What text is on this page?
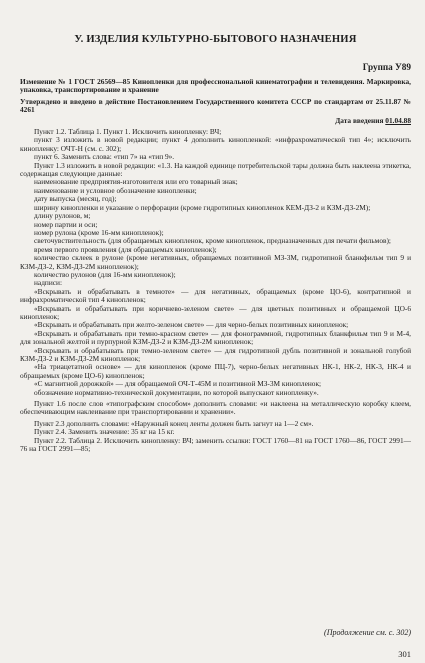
У. ИЗДЕЛИЯ КУЛЬТУРНО-БЫТОВОГО НАЗНАЧЕНИЯ
Группа У89

Изменение № 1 ГОСТ 26569—85 Кинопленки для профессиональной кинематографии и телевидения. Маркировка, упаковка, транспортирование и хранение

Утверждено и введено в действие Постановлением Государственного комитета СССР по стандартам от 25.11.87 № 4261

Дата введения 01.04.88

Пункт 1.2. Таблица 1. Пункт 1. Исключить кинопленку: ВЧ;

пункт 3 изложить в новой редакции; пункт 4 дополнить кинопленкой: «инфрахроматической тип 4»; исключить кинопленку: ОЧТ-Н (см. с. 302);

пункт 6. Заменить слова: «тип 7» на «тип 9».

Пункт 1.3 изложить в новой редакции: «1.3. На каждой единице потребительской тары должна быть наклеена этикетка, содержащая следующие данные:

наименование предприятия-изготовителя или его товарный знак;

наименование и условное обозначение кинопленки;

дату выпуска (месяц, год);

ширину кинопленки и указание о перфорации (кроме гидротипных кинопленок КЕМ-ДЗ-2 и КЗМ-ДЗ-2М);

длину рулонов, м;

номер партии и оси;

номер рулона (кроме 16-мм кинопленок);

светочувствительность (для обращаемых кинопленок, кроме кинопленок, предназначенных для печати фильмов);

время первого проявления (для обращаемых кинопленок);

количество склеек в рулоне (кроме негативных, обращаемых позитивной МЗ-3М, гидротипной бланкфильм тип 9 и КЗМ-ДЗ-2, КЗМ-ДЗ-2М кинопленок);

количество рулонов (для 16-мм кинопленок);

надписи:

«Вскрывать и обрабатывать в темноте» — для негативных, обращаемых (кроме ЦО-6), контратипной и инфрахроматической тип 4 кинопленок;

«Вскрывать и обрабатывать при коричнево-зеленом свете» — для цветных позитивных и обращаемой ЦО-6 кинопленок;

«Вскрывать и обрабатывать при желто-зеленом свете» — для черно-белых позитивных кинопленок;

«Вскрывать и обрабатывать при темно-красном свете» — для фонограммной, гидротипных бланкфильм тип 9 и М-4, для зональной желтой и пурпурной КЗМ-ДЗ-2 и КЗМ-ДЗ-2М кинопленок;

«Вскрывать и обрабатывать при темно-зеленом свете» — для гидротипной дубль позитивной и зональной голубой КЗМ-ДЗ-2 и КЗМ-ДЗ-2М кинопленок;

«На триацетатной основе» — для кинопленок (кроме ПЦ-7), черно-белых негативных НК-1, НК-2, НК-3, НК-4 и обращаемых (кроме ЦО-6) кинопленок;

«С магнитной дорожкой» — для обращаемой ОЧ-Т-45М и позитивной МЗ-3М кинопленок;

обозначение нормативно-технической документации, по которой выпускают кинопленку».

Пункт 1.6 после слов «типографским способом» дополнить словами: «и наклеена на металлическую коробку клеем, обеспечивающим наклеивание при транспортировании и хранении».

Пункт 2.3 дополнить словами: «Наружный конец ленты должен быть загнут на 1—2 см».

Пункт 2.4. Заменить значение: 35 кг на 15 кг.

Пункт 2.2. Таблица 2. Исключить кинопленку: ВЧ; заменить ссылки: ГОСТ 1760—81 на ГОСТ 1760—86, ГОСТ 2991—76 на ГОСТ 2991—85;

(Продолжение см. с. 302)
301
